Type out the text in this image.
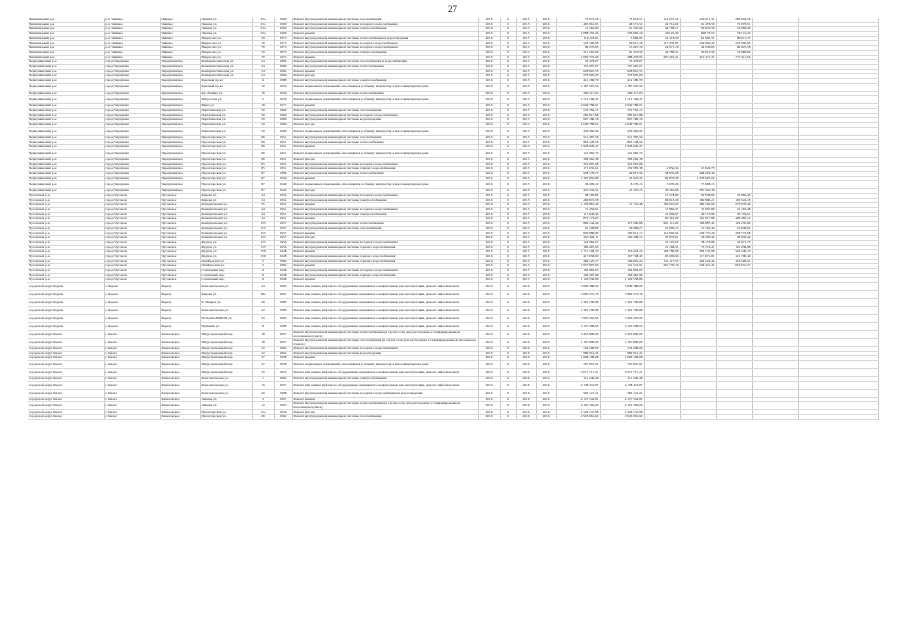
27
Чишмінський р-н	р.п. Чишмы	Чишмы	Ленина ул.	25а	1969	Ремонт внутридомовой инженерной системы газоснабжения	2016	6	2015	2016	73 975,59	73 618,57	114 057,52	240 011,31	290 694,59		
Чишмінський р-н	р.п. Чишмы	Чишмы	Ленина ул.	25а	1969	Ремонт внутридомовой инженерной системы холодного водоснабжения	2016	6	2015	2016	465 661,65	46 571,51	24 714,62	61 476,50	72 976,51		
Чишмінський р-н	р.п. Чишмы	Чишмы	Ленина ул.	25а	1969	Ремонт внутридомовой инженерной системы электроснабжения	2016	6	2015	2016	11 262,69	61 592,94	44 798,71	93 825,59	16 986,66		
Чишмінський р-н	р.п. Чишмы	Чишмы	Ленина ул.	25а	1969	Ремонт крыши	2016	6	2015	2016	2 088 252,43	336 065,16	416 91,39	608 70,55	745 10,22		
Чишмінський р-н	р.п. Чишмы	Чишмы	Некрасова ул.	59	1973	Ремонт внутридомовой инженерной системы теплоснабжения и водоотведения	2016	6	2015	2016	119 118,61	5 969,93	21 318,56	61 905,31	89 011,35		
Чишмінський р-н	р.п. Чишмы	Чишмы	Некрасова ул.	70	1973	Ремонт внутридомовой инженерной системы холодного водоснабжения	2016	6	2015	2016	543 596,98	99 611,16	117 476,93	239 902,20	241 069,85		
Чишмінський р-н	р.п. Чишмы	Чишмы	Некрасова ул.	70	1973	Ремонт внутридомовой инженерной системы холодного водоснабжения	2016	6	2015	2016	99 279,93	15 907,16	24 971,19	44 939,85	69 925,56		
Чишмінський р-н	р.п. Чишмы	Чишмы	Некрасова ул.	70	1973	Ремонт внутридомовой инженерной системы электроснабжения	2016	6	2015	2016	211 262,69	61 476,50	44 786,51	93 813,59	16 986,66		
Чишмінський р-н	р.п. Чишмы	Чишмы	Некрасова ул.	70	1973	Ремонт крыши	2016	6	2015	2016	1 003 375,06	288 476,95	307 491,21	410 471,37	777 411,64		
Чернушинский р-н	город Чернушка	Чернушинское	Коммунистическая ул.	24	1984	Ремонт внутридомовой инженерной системы газоснабжения и водоснабжения	2016	6	2015	2016	53 478,07	53 478,07					
Чернушинский р-н	город Чернушка	Чернушинское	Коммунистическая ул.	24	1984	Ремонт внутридомовой инженерной системы теплоснабжения	2016	6	2015	2016	155 267,07	155 267,07					
Чернушинский р-н	город Чернушка	Чернушинское	Коммунистическая ул.	24	1984	Ремонт крыши	2016	6	2015	2016	628 810,55	628 810,55					
Чернушинский р-н	город Чернушка	Чернушинское	Коммунистическая ул.	24	1984	Ремонт фасада	2016	6	2015	2016	276 605,00	276 605,00					
Чернушинский р-н	город Чернушка	Чернушинское	Красный пр-кт	11	1988	Ремонт внутридомовой инженерной системы электроснабжения	2016	6	2015	2016	412 180,79	412 180,79					
Чернушинский р-н	город Чернушка	Чернушинское	Красный пр-кт	16	1956	Ремонт подвальных помещений, относящихся к общему имуществу в многоквартирном доме	2016	6	2015	2016	1 187 297,54	1 187 297,54					
Чернушинский р-н	город Чернушка	Чернушинское	Кр. Ленина ул.	16	1956	Ремонт внутридомовой инженерной системы теплоснабжения	2016	6	2015	2016	289 117,03	289 117,03					
Чернушинский р-н	город Чернушка	Чернушинское	Матросова ул.	2	1956	Ремонт подвальных помещений, относящихся к общему имуществу в многоквартирном доме	2016	6	2015	2016	1 712 196,47	1 712 196,47					
Чернушинский р-н	город Чернушка	Чернушинское	Мира ул.	18	1977	Ремонт крыши	2016	6	2015	2016	2 049 786,01	2 049 786,01					
Чернушинский р-н	город Чернушка	Чернушинское	Партизанская ул.	59	1969	Ремонт внутридомовой инженерной системы газоснабжения	2016	6	2015	2016	570 762,15	570 762,15					
Чернушинский р-н	город Чернушка	Чернушинское	Партизанская ул.	59	1969	Ремонт внутридомовой инженерной системы холодного водоснабжения	2016	6	2015	2016	283 817,88	283 817,88					
Чернушинский р-н	город Чернушка	Чернушинское	Партизанская ул.	59	1969	Ремонт внутридомовой инженерной системы водоотведения	2016	6	2015	2016	697 180,16	697 180,16					
Чернушинский р-н	город Чернушка	Чернушинское	Партизанская ул.	59	1969	Ремонт фасада	2016	6	2015	2016	2 049 786,01	2 049 786,01					
Чернушинский р-н	город Чернушка	Чернушинское	Партизанская ул.	59	1969	Ремонт подвальных помещений, относящихся к общему имуществу в многоквартирном доме	2016	6	2015	2016	456 282,94	456 282,94					
Чернушинский р-н	город Чернушка	Чернушинское	Пролетарская ул.	66	1951	Ремонт внутридомовой инженерной системы газоснабжения	2016	6	2015	2016	512 387,56	512 387,56					
Чернушинский р-н	город Чернушка	Чернушинское	Пролетарская ул.	66	1951	Ремонт внутридомовой инженерной системы теплоснабжения	2016	6	2015	2016	863 128,56	863 128,56					
Чернушинский р-н	город Чернушка	Чернушинское	Пролетарская ул.	66	1951	Ремонт крыши	2016	6	2015	2016	1 928 926,47	1 928 926,47					
Чернушинский р-н	город Чернушка	Чернушинское	Пролетарская ул.	66	1951	Ремонт подвальных помещений, относящихся к общему имуществу в многоквартирном доме	2016	6	2015	2016	121 965,70	121 965,70					
Чернушинский р-н	город Чернушка	Чернушинское	Пролетарская ул.	66	1951	Ремонт фасада	2016	6	2015	2016	308 262,38	308 262,38					
Чернушинский р-н	город Чернушка	Чернушинское	Пролетарская ул.	85	1951	Ремонт внутридомовой инженерной системы холодного водоснабжения	2016	6	2015	2016	322 097,08	322 097,08					
Чернушинский р-н	город Чернушка	Чернушинское	Пролетарская ул.	85	1951	Ремонт внутридомовой инженерной системы горячего водоснабжения	2016	6	2015	2016	171 635,61	150 585,38	2 854,54	15 822,75			
Чернушинский р-н	город Чернушка	Чернушинское	Пролетарская ул.	87	1986	Ремонт внутридомовой инженерной системы теплоснабжения	2016	6	2015	2016	938 178,75	29 613,59	58 932,68	468 918,49			
Чернушинский р-н	город Чернушка	Чернушинское	Пролетарская ул.	87	1940	Ремонт крыши	2016	6	2015	2016	1 397 852,89	22 023,34	69 876,38	1 239 607,02			
Чернушинский р-н	город Чернушка	Чернушинское	Пролетарская ул.	87	1940	Ремонт подвальных помещений, относящихся к общему имуществу в многоквартирном доме	2016	6	2015	2016	96 399,12	8 170,13	5 970,09	75 908,15			
Чернушинский р-н	город Чернушка	Чернушинское	Пролетарская ул.	87	1940	Ремонт фасада	2016	6	2015	2016	419 242,52	21 355,15	29 263,98	367 922,39			
Чусовской р-н	город Чусовой	Чусовское	Кирова ул.	24	1954	Ремонт внутридомовой инженерной системы холодного водоснабжения	2016	6	2015	2016	98 100,84		15 478,80	50 638,69	25 682,45		
Чусовской р-н	город Чусовой	Чусовское	Кирова ул.	24	1954	Ремонт внутридомовой инженерной системы электроснабжения	2016	6	2015	2016	290 872,58		96 613,26	169 960,21	129 524,18		
Чусовской р-н	город Чусовой	Чусовское	Коммунальная ул.	35	1951	Ремонт крыши	2016	6	2015	2016	1 129 881,29	21 722,48	185 616,93	480 702,66	279 976,44		
Чусовской р-н	город Чусовой	Чусовское	Коммунальная ул.	44	1951	Ремонт внутридомовой инженерной системы холодного водоснабжения	2016	6	2015	2016	71 450,01		11 884,37	27 697,89	21 165,48		
Чусовской р-н	город Чусовой	Чусовское	Коммунальная ул.	44	1951	Ремонт внутридомовой инженерной системы электроснабжения	2016	6	2015	2016	111 946,34		21 609,07	40 173,96	30 159,51		
Чусовской р-н	город Чусовой	Чусовское	Коммунальная ул.	44	1951	Ремонт крыши	2016	6	2015	2016	872 173,63		83 391,09	161 617,88	409 485,12		
Чусовской р-н	город Чусовой	Чусовское	Коммунальная ул.	153	1957	Ремонт внутридомовой инженерной системы теплоснабжения	2016	6	2015	2016	884 144,44	113 300,68	661 111,82	186 887,42	124 235,84		
Чусовской р-н	город Чусовой	Чусовское	Коммунальная ул.	153	1957	Ремонт внутридомовой инженерной системы газоснабжения	2016	6	2015	2016	61 108,66	18 986,27	10 000,13	12 181,40	19 948,62		
Чусовской р-н	город Чусовой	Чусовское	Коммунальная ул.	153	1957	Ремонт крыши	2016	6	2015	2016	829 886,60	100 612,17	110 992,02	249 775,26	358 773,68		
Чусовской р-н	город Чусовой	Чусовское	Коммунальная ул.	153	1957	Ремонт фасада	2016	6	2015	2016	203 494,11	140 408,15	20 976,61	26 285,42	46 956,42		
Чусовской р-н	город Чусовой	Чусовское	Фрунзе ул.	153	1956	Ремонт внутридомовой инженерной системы холодного водоснабжения	2016	6	2015	2016	124 062,07		23 722,04	38 176,98	54 971,73		
Чусовской р-н	город Чусовой	Чусовское	Фрунзе ул.	153	1956	Ремонт внутридомовой инженерной системы горячего водоснабжения	2016	6	2015	2016	186 497,93		21 168,31	73 716,47	101 638,98		
Чусовской р-н	город Чусовой	Чусовское	Фрунзе ул.	159	1948	Ремонт крыши	2016	6	2015	2016	1 711 108,19	116 218,19	190 780,60	569 155,68	502 540,19		
Чусовской р-н	город Чусовой	Чусовское	Фрунзе ул.	159	1948	Ремонт внутридомовой инженерной системы горячего водоснабжения	2016	6	2015	2016	417 658,00	197 748,43	95 096,90	117 671,81	121 790,40		
Чусовской р-н	город Чусовой	Чусовское	Октябрьская ул.	5	1982	Ремонт внутридомовой инженерной системы горячего водоснабжения	2016	6	2015	2016	360 125,17	199 001,24	131 117,55	264 224,42	316 509,91		
Чусовской р-н	город Чусовой	Чусовское	Октябрьская ул.	5	1982	Ремонт крыши	2016	6	2015	2016	1 937 897,03	141 572,91	391 776,19	549 431,45	619 631,57		
Чусовской р-н	город Чусовой	Чусовское	Солнечный пер.	11	1948	Ремонт внутридомовой инженерной системы холодного водоснабжения	2016	6	2015	2016	164 862,03	164 862,03					
Чусовской р-н	город Чусовой	Чусовское	Солнечный пер.	11	1948	Ремонт внутридомовой инженерной системы горячего водоснабжения	2016	6	2015	2016	196 497,99	196 497,99					
Чусовской р-н	город Чусовой	Чусовское	Солнечный пер.	11	1948	Ремонт крыши	2016	6	2015	2016	1 129 558,86	1 129 558,86					
городской округ Березн	г. Березн	Березн	Комсомольская ул.	24	1990	Ремонт или замена лифтового оборудования, признанного непригодным для эксплуатации, ремонт лифтовых шахт	2016	6	2016	2016	3 849 388,00	3 849 388,00					
городской округ Березн	г. Березн	Березн	Кирова ул.	38а	1991	Ремонт или замена лифтового оборудования, признанного непригодным для эксплуатации, ремонт лифтовых шахт	2016	6	2016	2016	3 682 572,76	3 682 572,76					
городской округ Березн	г. Березн	Березн	К. Маркса ул.	26	1989	Ремонт или замена лифтового оборудования, признанного непригодным для эксплуатации, ремонт лифтовых шахт	2016	6	2016	2016	1 301 790,86	1 301 790,86					
городской округ Березн	г. Березн	Березн	Комсомольская ул.	22	1986	Ремонт или замена лифтового оборудования, признанного непригодным для эксплуатации, ремонт лифтовых шахт	2016	6	2016	2016	1 301 790,86	1 301 790,86					
городской округ Березн	г. Березн	Березн	50-Летия ВЛКСМ ул.	25	1990	Ремонт или замена лифтового оборудования, признанного непригодным для эксплуатации, ремонт лифтовых шахт	2016	6	2016	2016	7 603 293,93	7 603 293,93					
городской округ Березн	г. Березн	Березн	Пушкина ул.	8	1988	Ремонт или замена лифтового оборудования, признанного непригодным для эксплуатации, ремонт лифтовых шахт	2016	6	2016	2016	3 125 398,63	3 125 398,63					
городской округ Кизел	г. Кизел	Кизеловское	Индустриальный пер.	18	1957	Ремонт внутридомовой инженерной системы теплоснабжения (в случае если дом расположен в газифицированном населенном пункте)	2016	6	2016	2016	3 455 800,00	3 455 800,00					
городской округ Кизел	г. Кизел	Кизеловское	Индустриальный пер.	18	1957	Ремонт внутридомовой инженерной системы газоснабжения (в случае если дом расположен в газифицированном населенном пункте)	2016	6	2016	2016	1 167 806,00	1 167 806,00					
городской округ Кизел	г. Кизел	Кизеловское	Индустриальный пер.	22	1962	Ремонт внутридомовой инженерной системы холодного водоснабжения	2016	6	2016	2016	724 208,00	724 208,00					
городской округ Кизел	г. Кизел	Кизеловское	Индустриальный пер.	22	1962	Ремонт внутридомовой инженерной системы водоотведения	2016	6	2016	2016	989 915,24	989 915,24					
городской округ Кизел	г. Кизел	Кизеловское	Индустриальный пер.	27	1958	Ремонт крыши	2016	6	2016	2016	1 696 108,08	1 696 108,08					
городской округ Кизел	г. Кизел	Кизеловское	Индустриальный пер.	27	1958	Ремонт подвальных помещений, относящихся к общему имуществу в многоквартирном доме	2016	6	2016	2016	767 810,91	767 810,91					
городской округ Кизел	г. Кизел	Кизеловское	Индустриальный пер.	35	1955	Ремонт или замена лифтового оборудования, признанного непригодным для эксплуатации, ремонт лифтовых шахт	2016	6	2016	2016	3 071 717,21	3 071 717,21					
городской округ Кизел	г. Кизел	Кизеловское	Комсомольская ул.	1	1964	Ремонт внутридомовой инженерной системы электроснабжения	2016	6	2016	2016	311 246,46	311 246,46					
городской округ Кизел	г. Кизел	Кизеловское	Комсомольская ул.	15	1957	Ремонт или замена лифтового оборудования, признанного непригодным для эксплуатации, ремонт лифтовых шахт	2016	6	2016	2016	4 138 474,87	4 138 474,87					
городской округ Кизел	г. Кизел	Кизеловское	Комсомольская ул.	20	1988	Ремонт внутридомовой инженерной системы холодного водоснабжения и водоотведения	2016	6	2016	2016	582 121,21	582 121,21					
городской округ Кизел	г. Кизел	Кизеловское	Ленина ул.	2	1967	Ремонт крыши	2016	6	2016	2016	4 137 544,81	4 137 544,81					
городской округ Кизел	г. Кизел	Кизеловское	Ленина ул.	12	1963	Ремонт внутридомовой инженерной системы теплоснабжения (в случае если дом расположен в газифицированном населенном пункте)	2016	6	2016	2016	4 191 304,00	4 191 304,00					
городской округ Кизел	г. Кизел	Кизеловское	Пролетарская ул.	12а	1956	Ремонт фасада	2016	6	2016	2016	1 526 137,98	1 526 137,98					
городской округ Кизел	г. Кизел	Кизеловское	Пролетарская ул.	26	1962	Ремонт внутридомовой инженерной системы газоснабжения	2016	6	2016	2016	2 943 961,62	2 943 961,62					
